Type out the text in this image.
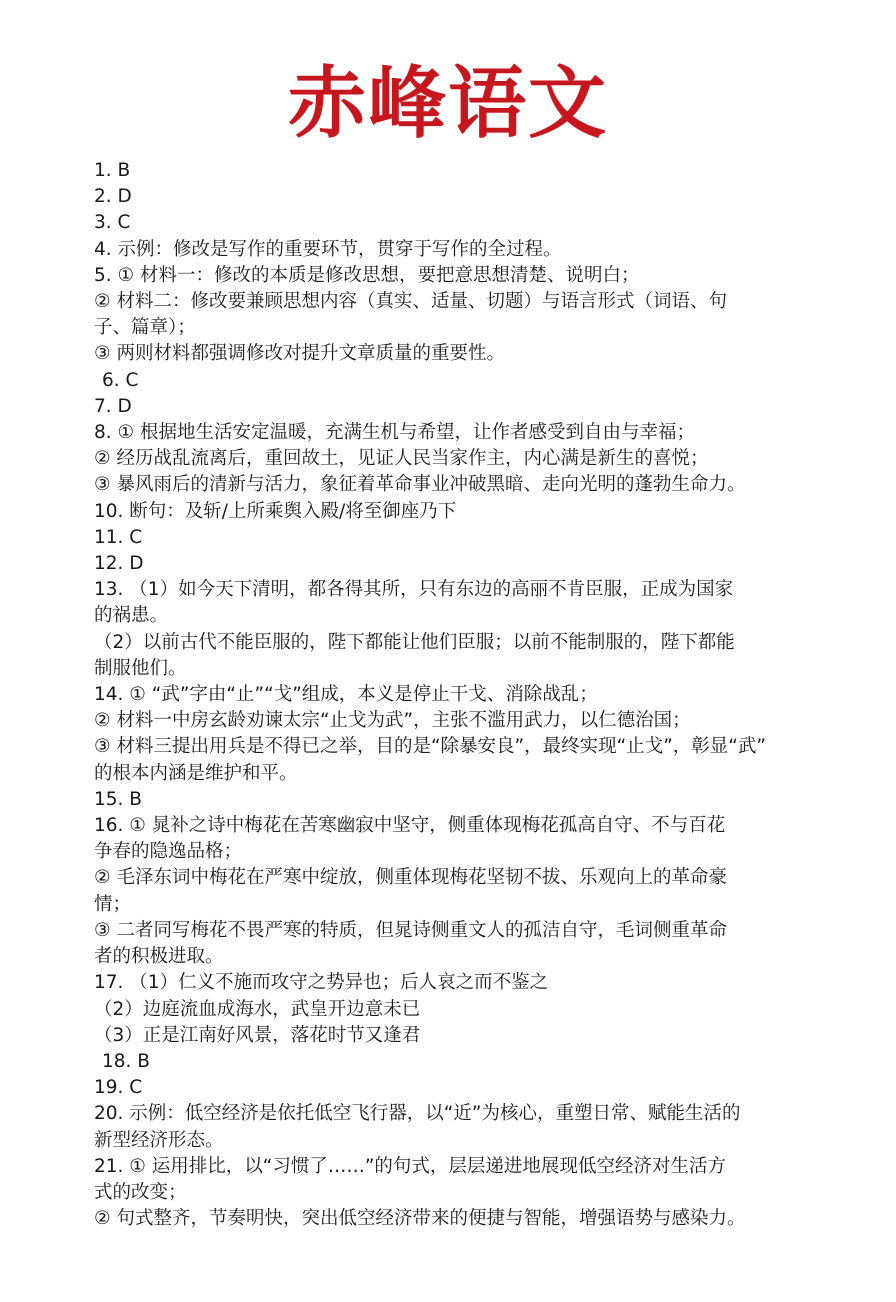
赤峰语文
1. B
2. D
3. C
4. 示例：修改是写作的重要环节，贯穿于写作的全过程。
5. ① 材料一：修改的本质是修改思想，要把意思想清楚、说明白；
② 材料二：修改要兼顾思想内容（真实、适量、切题）与语言形式（词语、句
子、篇章）；
③ 两则材料都强调修改对提升文章质量的重要性。
6. C
7. D
8. ① 根据地生活安定温暖，充满生机与希望，让作者感受到自由与幸福；
② 经历战乱流离后，重回故土，见证人民当家作主，内心满是新生的喜悦；
③ 暴风雨后的清新与活力，象征着革命事业冲破黑暗、走向光明的蓬勃生命力。
10. 断句：及斩/上所乘舆入殿/将至御座乃下
11. C
12. D
13. （1）如今天下清明，都各得其所，只有东边的高丽不肯臣服，正成为国家
的祸患。
（2）以前古代不能臣服的，陛下都能让他们臣服；以前不能制服的，陛下都能
制服他们。
14. ① “武”字由“止”“戈”组成，本义是停止干戈、消除战乱；
② 材料一中房玄龄劝谏太宗“止戈为武”，主张不滥用武力，以仁德治国；
③ 材料三提出用兵是不得已之举，目的是“除暴安良”，最终实现“止戈”，彰显“武”
的根本内涵是维护和平。
15. B
16. ① 晁补之诗中梅花在苦寒幽寂中坚守，侧重体现梅花孤高自守、不与百花
争春的隐逸品格；
② 毛泽东词中梅花在严寒中绽放，侧重体现梅花坚韧不拔、乐观向上的革命豪
情；
③ 二者同写梅花不畏严寒的特质，但晁诗侧重文人的孤洁自守，毛词侧重革命
者的积极进取。
17. （1）仁义不施而攻守之势异也；后人哀之而不鉴之
（2）边庭流血成海水，武皇开边意未已
（3）正是江南好风景，落花时节又逢君
18. B
19. C
20. 示例：低空经济是依托低空飞行器，以“近”为核心，重塑日常、赋能生活的
新型经济形态。
21. ① 运用排比，以“习惯了……”的句式，层层递进地展现低空经济对生活方
式的改变；
② 句式整齐，节奏明快，突出低空经济带来的便捷与智能，增强语势与感染力。
